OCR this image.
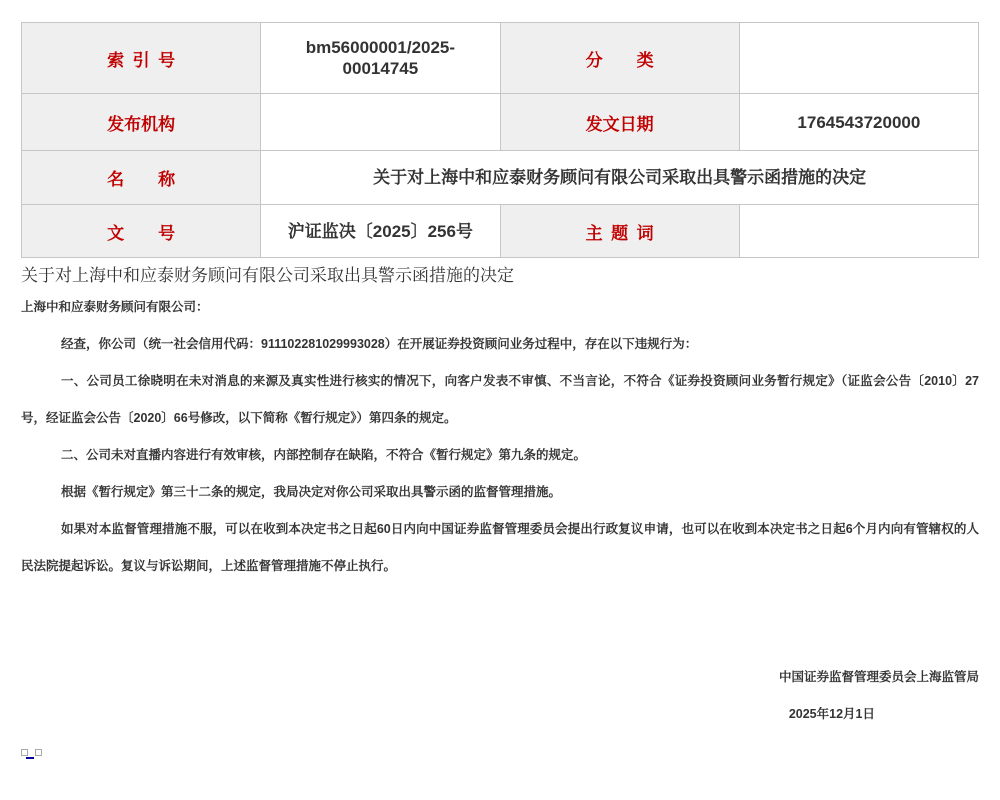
索 引 号	bm56000001/2025-00014745	分　　类	
发布机构		发文日期	1764543720000
名　　称	关于对上海中和应泰财务顾问有限公司采取出具警示函措施的决定		
文　　号	沪证监决〔2025〕256号	主 题 词	
关于对上海中和应泰财务顾问有限公司采取出具警示函措施的决定

上海中和应泰财务顾问有限公司：

经查，你公司（统一社会信用代码：911102281029993028）在开展证券投资顾问业务过程中，存在以下违规行为：

一、公司员工徐晓明在未对消息的来源及真实性进行核实的情况下，向客户发表不审慎、不当言论，不符合《证券投资顾问业务暂行规定》（证监会公告〔2010〕27号，经证监会公告〔2020〕66号修改，以下简称《暂行规定》）第四条的规定。

二、公司未对直播内容进行有效审核，内部控制存在缺陷，不符合《暂行规定》第九条的规定。

根据《暂行规定》第三十二条的规定，我局决定对你公司采取出具警示函的监督管理措施。

如果对本监督管理措施不服，可以在收到本决定书之日起60日内向中国证券监督管理委员会提出行政复议申请，也可以在收到本决定书之日起6个月内向有管辖权的人民法院提起诉讼。复议与诉讼期间，上述监督管理措施不停止执行。

中国证券监督管理委员会上海监管局

2025年12月1日
